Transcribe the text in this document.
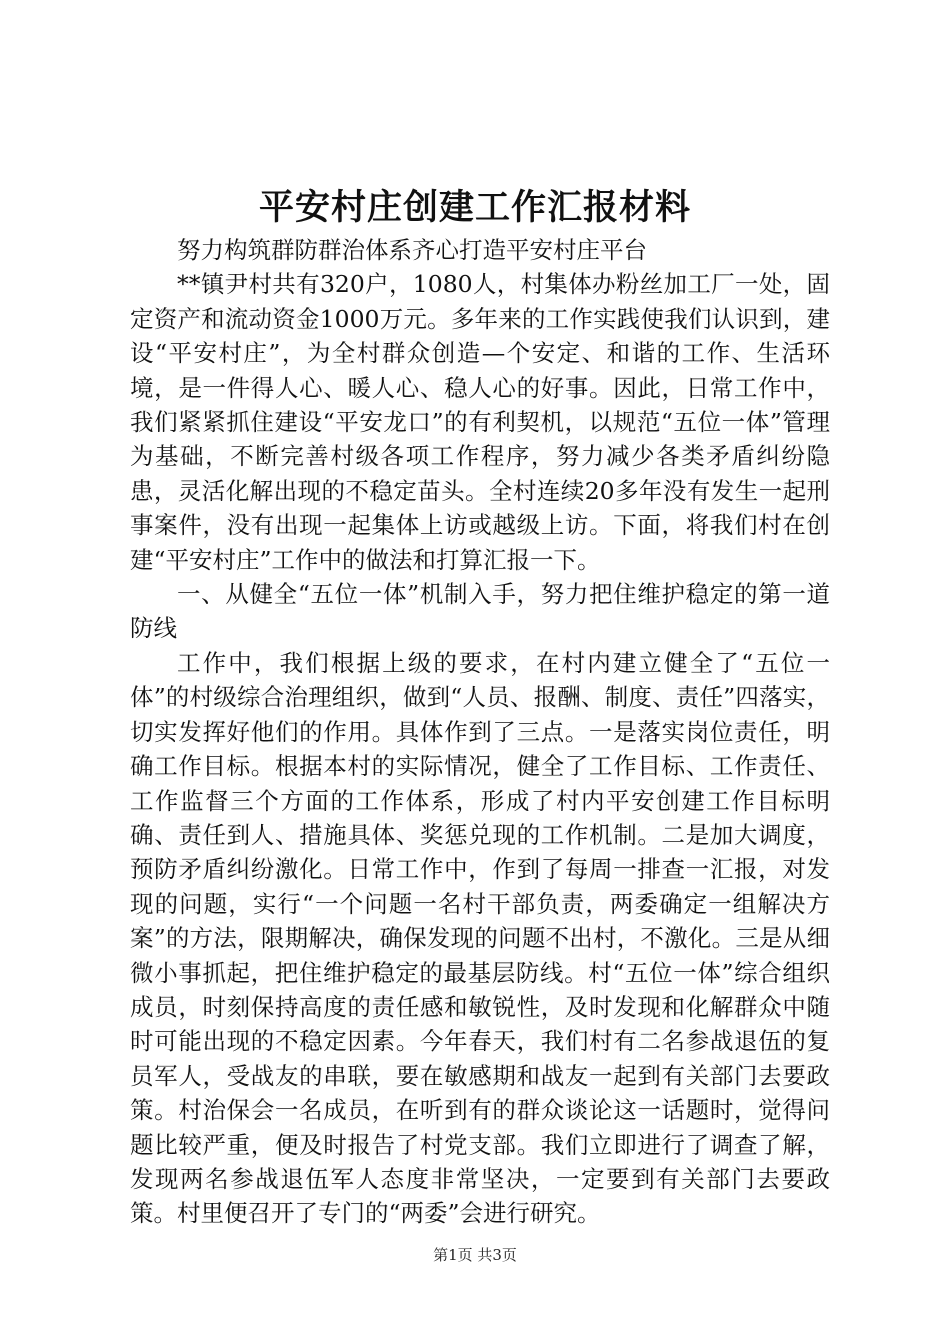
平安村庄创建工作汇报材料

努力构筑群防群治体系齐心打造平安村庄平台

**镇尹村共有320户，1080人，村集体办粉丝加工厂一处，固定资产和流动资金1000万元。多年来的工作实践使我们认识到，建设“平安村庄”，为全村群众创造—个安定、和谐的工作、生活环境，是一件得人心、暖人心、稳人心的好事。因此，日常工作中，我们紧紧抓住建设“平安龙口”的有利契机，以规范“五位一体”管理为基础，不断完善村级各项工作程序，努力减少各类矛盾纠纷隐患，灵活化解出现的不稳定苗头。全村连续20多年没有发生一起刑事案件，没有出现一起集体上访或越级上访。下面，将我们村在创建“平安村庄”工作中的做法和打算汇报一下。

一、从健全“五位一体”机制入手，努力把住维护稳定的第一道防线

工作中，我们根据上级的要求，在村内建立健全了“五位一体”的村级综合治理组织，做到“人员、报酬、制度、责任”四落实，切实发挥好他们的作用。具体作到了三点。一是落实岗位责任，明确工作目标。根据本村的实际情况，健全了工作目标、工作责任、工作监督三个方面的工作体系，形成了村内平安创建工作目标明确、责任到人、措施具体、奖惩兑现的工作机制。二是加大调度，预防矛盾纠纷激化。日常工作中，作到了每周一排查一汇报，对发现的问题，实行“一个问题一名村干部负责，两委确定一组解决方案”的方法，限期解决，确保发现的问题不出村，不激化。三是从细微小事抓起，把住维护稳定的最基层防线。村“五位一体”综合组织成员，时刻保持高度的责任感和敏锐性，及时发现和化解群众中随时可能出现的不稳定因素。今年春天，我们村有二名参战退伍的复员军人，受战友的串联，要在敏感期和战友一起到有关部门去要政策。村治保会一名成员，在听到有的群众谈论这一话题时，觉得问题比较严重，便及时报告了村党支部。我们立即进行了调查了解，发现两名参战退伍军人态度非常坚决，一定要到有关部门去要政策。村里便召开了专门的“两委”会进行研究。

第1页 共3页
